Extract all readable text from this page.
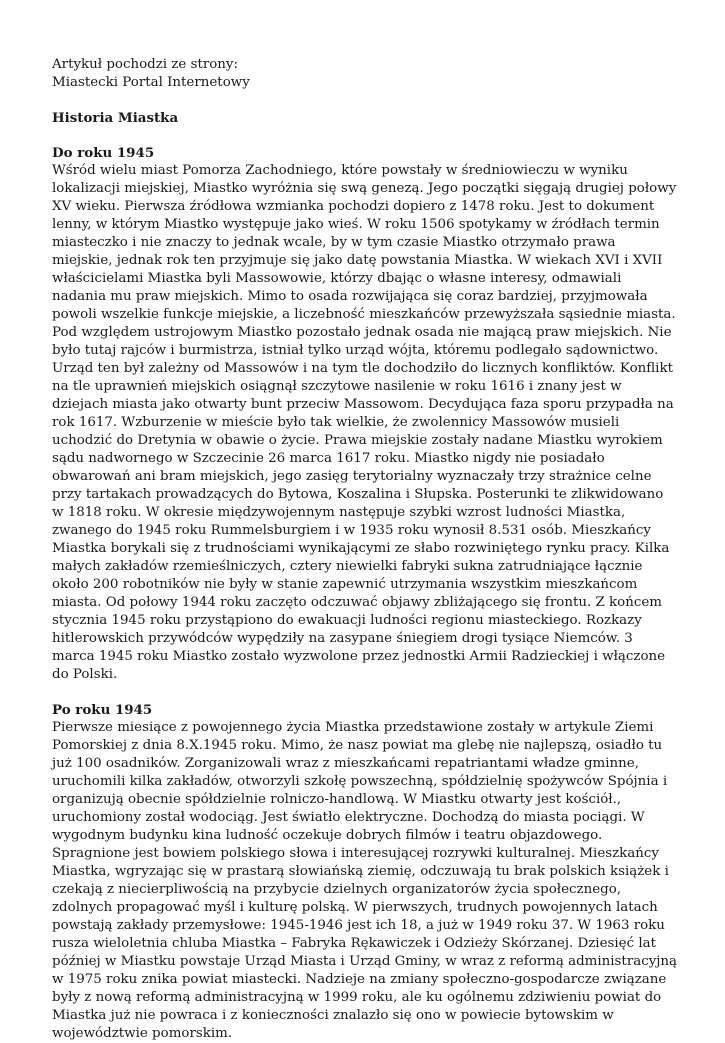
Artykuł pochodzi ze strony:
Miastecki Portal Internetowy
Historia Miastka
Do roku 1945

Wśród wielu miast Pomorza Zachodniego, które powstały w średniowieczu w wyniku lokalizacji miejskiej, Miastko wyróżnia się swą genezą. Jego początki sięgają drugiej połowy XV wieku. Pierwsza źródłowa wzmianka pochodzi dopiero z 1478 roku. Jest to dokument lenny, w którym Miastko występuje jako wieś. W roku 1506 spotykamy w źródłach termin miasteczko i nie znaczy to jednak wcale, by w tym czasie Miastko otrzymało prawa miejskie, jednak rok ten przyjmuje się jako datę powstania Miastka. W wiekach XVI i XVII właścicielami Miastka byli Massowowie, którzy dbając o własne interesy, odmawiali nadania mu praw miejskich. Mimo to osada rozwijająca się coraz bardziej, przyjmowała powoli wszelkie funkcje miejskie, a liczebność mieszkańców przewyższała sąsiednie miasta. Pod względem ustrojowym Miastko pozostało jednak osada nie mającą praw miejskich. Nie było tutaj rajców i burmistrza, istniał tylko urząd wójta, któremu podlegało sądownictwo. Urząd ten był zależny od Massowów i na tym tle dochodziło do licznych konfliktów. Konflikt na tle uprawnień miejskich osiągnął szczytowe nasilenie w roku 1616 i znany jest w dziejach miasta jako otwarty bunt przeciw Massowom. Decydująca faza sporu przypadła na rok 1617. Wzburzenie w mieście było tak wielkie, że zwolennicy Massowów musieli uchodzić do Dretynia w obawie o życie. Prawa miejskie zostały nadane Miastku wyrokiem sądu nadwornego w Szczecinie 26 marca 1617 roku. Miastko nigdy nie posiadało obwarowań ani bram miejskich, jego zasięg terytorialny wyznaczały trzy strażnice celne przy tartakach prowadzących do Bytowa, Koszalina i Słupska. Posterunki te zlikwidowano w 1818 roku. W okresie międzywojennym następuje szybki wzrost ludności Miastka, zwanego do 1945 roku Rummelsburgiem i w 1935 roku wynosił 8.531 osób. Mieszkańcy Miastka borykali się z trudnościami wynikającymi ze słabo rozwiniętego rynku pracy. Kilka małych zakładów rzemieślniczych, cztery niewielki fabryki sukna zatrudniające łącznie około 200 robotników nie były w stanie zapewnić utrzymania wszystkim mieszkańcom miasta. Od połowy 1944 roku zaczęto odczuwać objawy zbliżającego się frontu. Z końcem stycznia 1945 roku przystąpiono do ewakuacji ludności regionu miasteckiego. Rozkazy hitlerowskich przywódców wypędziły na zasypane śniegiem drogi tysiące Niemców. 3 marca 1945 roku Miastko zostało wyzwolone przez jednostki Armii Radzieckiej i włączone do Polski.

Po roku 1945

Pierwsze miesiące z powojennego życia Miastka przedstawione zostały w artykule Ziemi Pomorskiej z dnia 8.X.1945 roku. Mimo, że nasz powiat ma glebę nie najlepszą, osiadło tu już 100 osadników. Zorganizowali wraz z mieszkańcami repatriantami władze gminne, uruchomili kilka zakładów, otworzyli szkołę powszechną, spółdzielnię spożywców Spójnia i organizują obecnie spółdzielnie rolniczo-handlową. W Miastku otwarty jest kościół., uruchomiony został wodociąg. Jest światło elektryczne. Dochodzą do miasta pociągi. W wygodnym budynku kina ludność oczekuje dobrych filmów i teatru objazdowego. Spragnione jest bowiem polskiego słowa i interesującej rozrywki kulturalnej. Mieszkańcy Miastka, wgryzając się w prastarą słowiańską ziemię, odczuwają tu brak polskich książek i czekają z niecierpliwością na przybycie dzielnych organizatorów życia społecznego, zdolnych propagować myśl i kulturę polską. W pierwszych, trudnych powojennych latach powstają zakłady przemysłowe: 1945-1946 jest ich 18, a już w 1949 roku 37. W 1963 roku rusza wieloletnia chluba Miastka – Fabryka Rękawiczek i Odzieży Skórzanej. Dziesięć lat później w Miastku powstaje Urząd Miasta i Urząd Gminy, w wraz z reformą administracyjną w 1975 roku znika powiat miastecki. Nadzieje na zmiany społeczno-gospodarcze związane były z nową reformą administracyjną w 1999 roku, ale ku ogólnemu zdziwieniu powiat do Miastka już nie powraca i z konieczności znalazło się ono w powiecie bytowskim w województwie pomorskim.
